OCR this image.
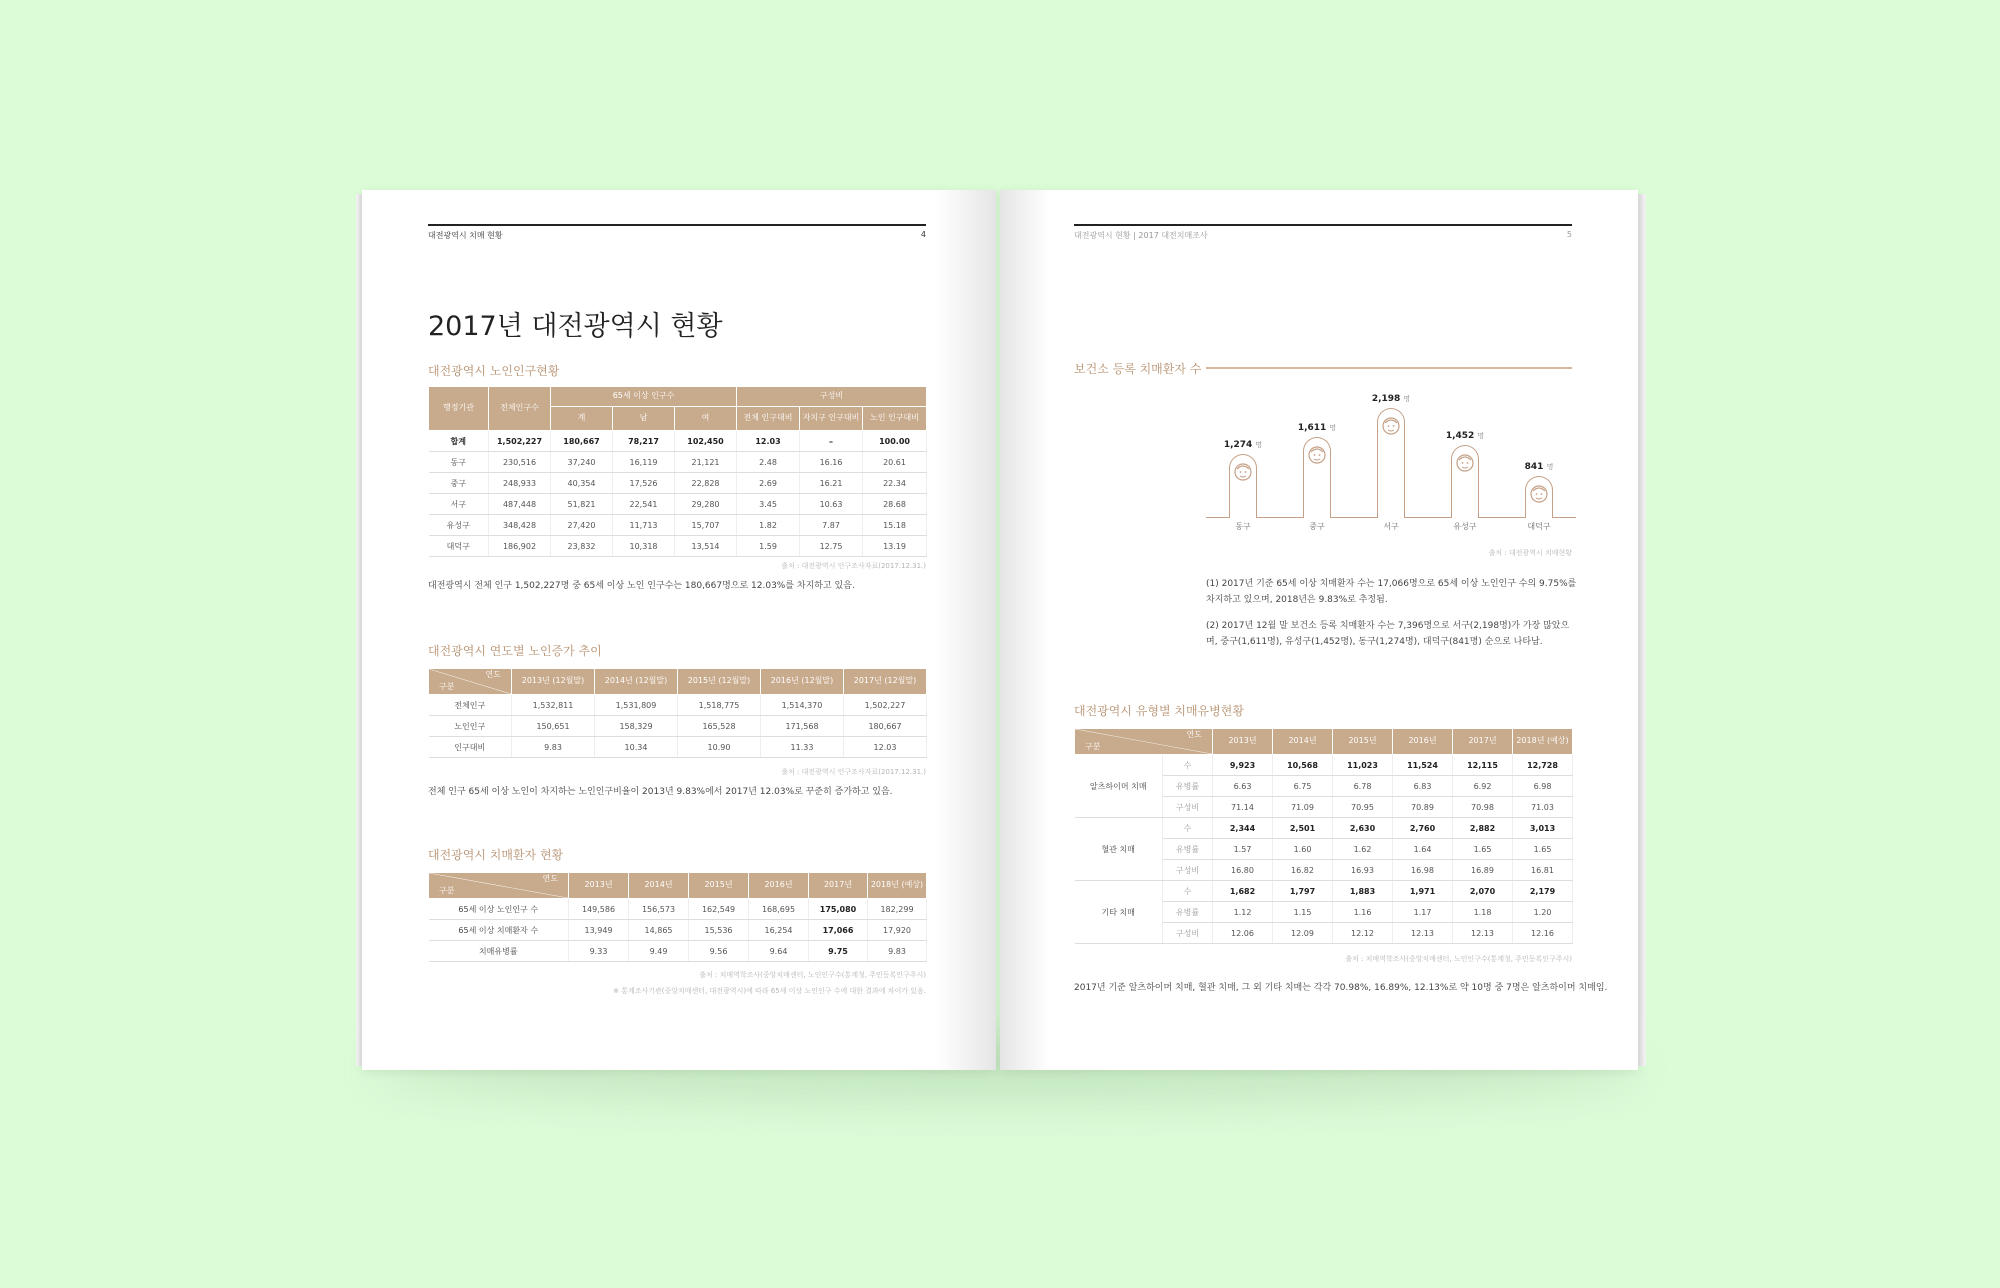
대전광역시 치매 현황	4
2017년 대전광역시 현황
대전광역시 노인인구현황
행정기관	전체인구수	65세 이상 인구수			구성비		
		계	남	여	전체 인구대비	자치구 인구대비	노인 인구대비
합계	1,502,227	180,667	78,217	102,450	12.03	–	100.00
동구	230,516	37,240	16,119	21,121	2.48	16.16	20.61
중구	248,933	40,354	17,526	22,828	2.69	16.21	22.34
서구	487,448	51,821	22,541	29,280	3.45	10.63	28.68
유성구	348,428	27,420	11,713	15,707	1.82	7.87	15.18
대덕구	186,902	23,832	10,318	13,514	1.59	12.75	13.19
출처 : 대전광역시 인구조사자료(2017.12.31.)
대전광역시 전체 인구 1,502,227명 중 65세 이상 노인 인구수는 180,667명으로 12.03%를 차지하고 있음.
대전광역시 연도별 노인증가 추이
연도
구분	2013년 (12월말)	2014년 (12월말)	2015년 (12월말)	2016년 (12월말)	2017년 (12월말)
전체인구	1,532,811	1,531,809	1,518,775	1,514,370	1,502,227
노인인구	150,651	158,329	165,528	171,568	180,667
인구대비	9.83	10.34	10.90	11.33	12.03
출처 : 대전광역시 인구조사자료(2017.12.31.)
전체 인구 65세 이상 노인이 차지하는 노인인구비율이 2013년 9.83%에서 2017년 12.03%로 꾸준히 증가하고 있음.
대전광역시 치매환자 현황
연도
구분	2013년	2014년	2015년	2016년	2017년	2018년 (예상)
65세 이상 노인인구 수	149,586	156,573	162,549	168,695	175,080	182,299
65세 이상 치매환자 수	13,949	14,865	15,536	16,254	17,066	17,920
치매유병률	9.33	9.49	9.56	9.64	9.75	9.83
출처 : 치매역학조사(중앙치매센터, 노인인구수(통계청, 주민등록인구주시)
※ 통계조사기관(중앙치매센터, 대전광역시)에 따라 65세 이상 노인인구 수에 대한 결과에 차이가 있음.
대전광역시 현황 | 2017 대전치매조사	5
보건소 등록 치매환자 수
1,274 명
동구
1,611 명
중구
2,198 명
서구
1,452 명
유성구
841 명
대덕구
출처 : 대전광역시 치매현황
(1) 2017년 기준 65세 이상 치매환자 수는 17,066명으로 65세 이상 노인인구 수의 9.75%를 차지하고 있으며, 2018년은 9.83%로 추정됨.
(2) 2017년 12월 말 보건소 등록 치매환자 수는 7,396명으로 서구(2,198명)가 가장 많았으며, 중구(1,611명), 유성구(1,452명), 동구(1,274명), 대덕구(841명) 순으로 나타남.
대전광역시 유형별 치매유병현황
연도
구분		2013년	2014년	2015년	2016년	2017년	2018년 (예상)
알츠하이머 치매	수	9,923	10,568	11,023	11,524	12,115	12,728
	유병률	6.63	6.75	6.78	6.83	6.92	6.98
	구성비	71.14	71.09	70.95	70.89	70.98	71.03
혈관 치매	수	2,344	2,501	2,630	2,760	2,882	3,013
	유병률	1.57	1.60	1.62	1.64	1.65	1.65
	구성비	16.80	16.82	16.93	16.98	16.89	16.81
기타 치매	수	1,682	1,797	1,883	1,971	2,070	2,179
	유병률	1.12	1.15	1.16	1.17	1.18	1.20
	구성비	12.06	12.09	12.12	12.13	12.13	12.16
출처 : 치매역학조사(중앙치매센터, 노인인구수(통계청, 주민등록인구주시)
2017년 기준 알츠하이머 치매, 혈관 치매, 그 외 기타 치매는 각각 70.98%, 16.89%, 12.13%로 약 10명 중 7명은 알츠하이머 치매임.
